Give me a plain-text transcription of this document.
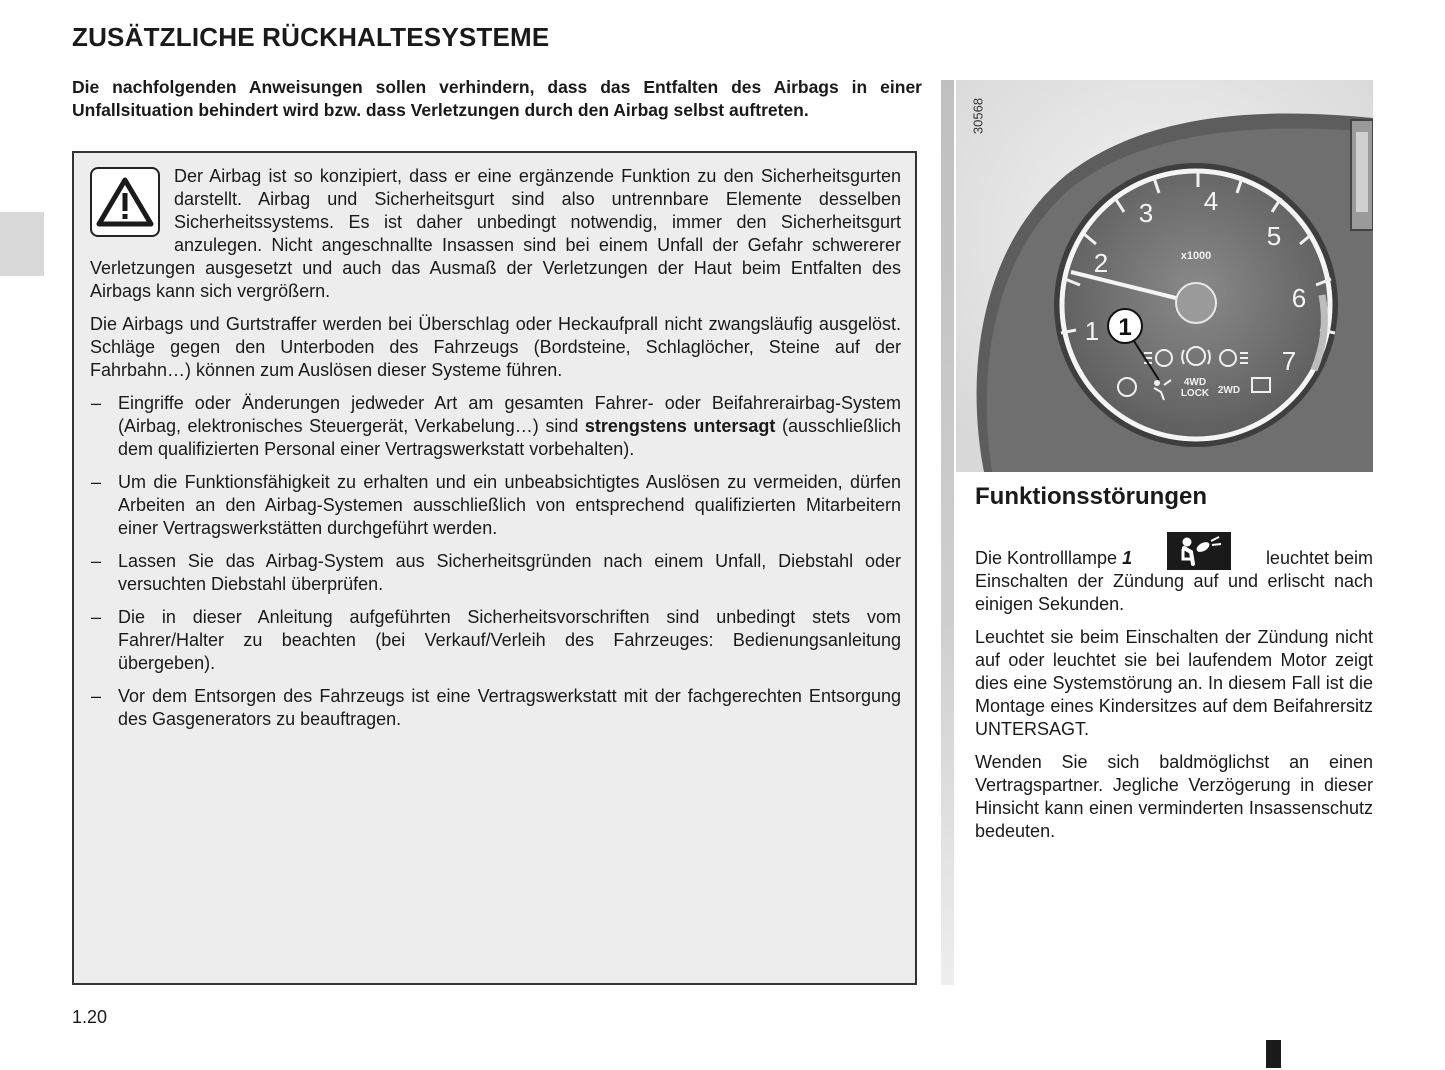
ZUSÄTZLICHE RÜCKHALTESYSTEME
Die nachfolgenden Anweisungen sollen verhindern, dass das Entfalten des Airbags in einer Unfallsituation behindert wird bzw. dass Verletzungen durch den Airbag selbst auftreten.

Der Airbag ist so konzipiert, dass er eine ergänzende Funktion zu den Sicherheitsgurten darstellt. Airbag und Sicherheitsgurt sind also untrennbare Elemente desselben Sicherheitssystems. Es ist daher unbedingt notwendig, immer den Sicherheitsgurt anzulegen. Nicht angeschnallte Insassen sind bei einem Unfall der Gefahr schwererer Verletzungen ausgesetzt und auch das Ausmaß der Verletzungen der Haut beim Entfalten des Airbags kann sich vergrößern.

Die Airbags und Gurtstraffer werden bei Überschlag oder Heckaufprall nicht zwangsläufig ausgelöst. Schläge gegen den Unterboden des Fahrzeugs (Bordsteine, Schlaglöcher, Steine auf der Fahrbahn…) können zum Auslösen dieser Systeme führen.

– Eingriffe oder Änderungen jedweder Art am gesamten Fahrer- oder Beifahrerairbag-System (Airbag, elektronisches Steuergerät, Verkabelung…) sind strengstens untersagt (ausschließlich dem qualifizierten Personal einer Vertragswerkstatt vorbehalten).
– Um die Funktionsfähigkeit zu erhalten und ein unbeabsichtigtes Auslösen zu vermeiden, dürfen Arbeiten an den Airbag-Systemen ausschließlich von entsprechend qualifizierten Mitarbeitern einer Vertragswerkstätten durchgeführt werden.
– Lassen Sie das Airbag-System aus Sicherheitsgründen nach einem Unfall, Diebstahl oder versuchten Diebstahl überprüfen.
– Die in dieser Anleitung aufgeführten Sicherheitsvorschriften sind unbedingt stets vom Fahrer/Halter zu beachten (bei Verkauf/Verleih des Fahrzeuges: Bedienungsanleitung übergeben).
– Vor dem Entsorgen des Fahrzeugs ist eine Vertragswerkstatt mit der fachgerechten Entsorgung des Gasgenerators zu beauftragen.
1.20
1
2
3 4
5
6
7
x1000
4WD
LOCK 2WD
1
30568
Funktionsstörungen

Die Kontrolllampe 1	leuchtet beim
Einschalten der Zündung auf und erlischt nach einigen Sekunden.

Leuchtet sie beim Einschalten der Zündung nicht auf oder leuchtet sie bei laufendem Motor zeigt dies eine Systemstörung an. In diesem Fall ist die Montage eines Kindersitzes auf dem Beifahrersitz UNTERSAGT.

Wenden Sie sich baldmöglichst an einen Vertragspartner. Jegliche Verzögerung in dieser Hinsicht kann einen verminderten Insassenschutz bedeuten.
